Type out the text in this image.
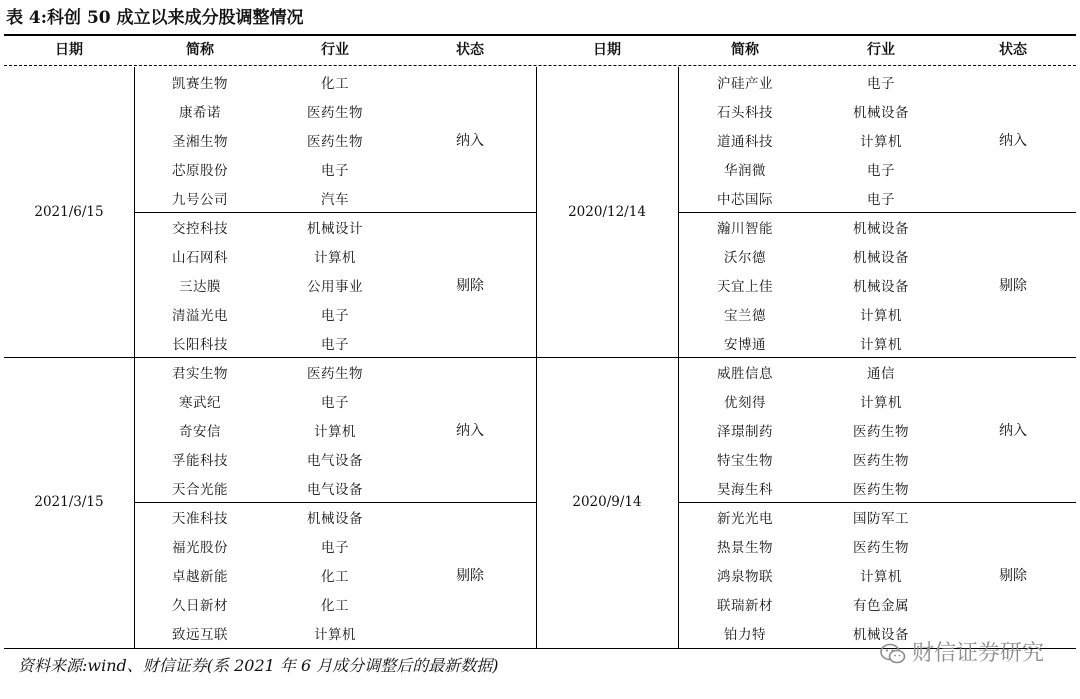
表 4:科创 50 成立以来成分股调整情况
日期	简称	行业	状态	日期	简称	行业	状态
2021/6/15	凯赛生物	化工	纳入
	康希诺	医药生物	
	圣湘生物	医药生物	
	芯原股份	电子	
	九号公司	汽车	
	交控科技	机械设计	剔除
	山石网科	计算机	
	三达膜	公用事业	
	清溢光电	电子	
	长阳科技	电子	
2021/3/15	君实生物	医药生物	纳入
	寒武纪	电子	
	奇安信	计算机	
	孚能科技	电气设备	
	天合光能	电气设备	
	天准科技	机械设备	剔除
	福光股份	电子	
	卓越新能	化工	
	久日新材	化工	
	致远互联	计算机	
2020/12/14	沪硅产业	电子	纳入
	石头科技	机械设备	
	道通科技	计算机	
	华润微	电子	
	中芯国际	电子	
	瀚川智能	机械设备	剔除
	沃尔德	机械设备	
	天宜上佳	机械设备	
	宝兰德	计算机	
	安博通	计算机	
2020/9/14	威胜信息	通信	纳入
	优刻得	计算机	
	泽璟制药	医药生物	
	特宝生物	医药生物	
	昊海生科	医药生物	
	新光光电	国防军工	剔除
	热景生物	医药生物	
	鸿泉物联	计算机	
	联瑞新材	有色金属	
	铂力特	机械设备	
资料来源:wind、财信证券(系 2021 年 6 月成分调整后的最新数据)	财信证券研究
